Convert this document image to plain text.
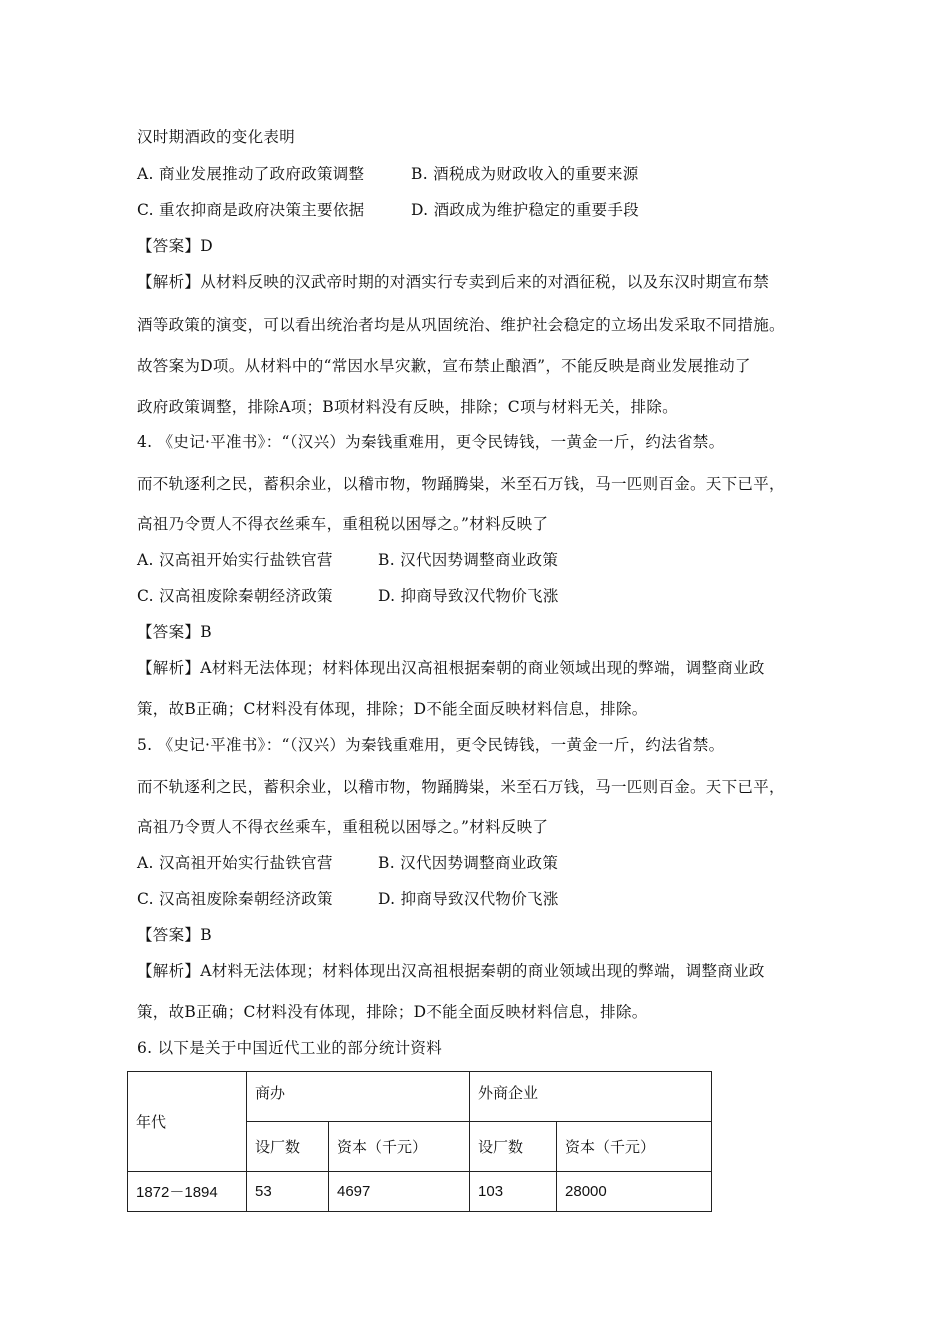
汉时期酒政的变化表明
A. 商业发展推动了政府政策调整	B. 酒税成为财政收入的重要来源
C. 重农抑商是政府决策主要依据	D. 酒政成为维护稳定的重要手段
【答案】D
【解析】从材料反映的汉武帝时期的对酒实行专卖到后来的对酒征税，以及东汉时期宣布禁
酒等政策的演变，可以看出统治者均是从巩固统治、维护社会稳定的立场出发采取不同措施。
故答案为D项。从材料中的“常因水旱灾歉，宣布禁止酿酒”，不能反映是商业发展推动了
政府政策调整，排除A项；B项材料没有反映，排除；C项与材料无关，排除。
4. 《史记·平准书》：“（汉兴）为秦钱重难用，更令民铸钱，一黄金一斤，约法省禁。
而不轨逐利之民，蓄积余业，以稽市物，物踊腾粜，米至石万钱，马一匹则百金。天下已平，
高祖乃令贾人不得衣丝乘车，重租税以困辱之。”材料反映了
A. 汉高祖开始实行盐铁官营	B. 汉代因势调整商业政策
C. 汉高祖废除秦朝经济政策	D. 抑商导致汉代物价飞涨
【答案】B
【解析】A材料无法体现；材料体现出汉高祖根据秦朝的商业领域出现的弊端，调整商业政
策，故B正确；C材料没有体现，排除；D不能全面反映材料信息，排除。
5. 《史记·平准书》：“（汉兴）为秦钱重难用，更令民铸钱，一黄金一斤，约法省禁。
而不轨逐利之民，蓄积余业，以稽市物，物踊腾粜，米至石万钱，马一匹则百金。天下已平，
高祖乃令贾人不得衣丝乘车，重租税以困辱之。”材料反映了
A. 汉高祖开始实行盐铁官营	B. 汉代因势调整商业政策
C. 汉高祖废除秦朝经济政策	D. 抑商导致汉代物价飞涨
【答案】B
【解析】A材料无法体现；材料体现出汉高祖根据秦朝的商业领域出现的弊端，调整商业政
策，故B正确；C材料没有体现，排除；D不能全面反映材料信息，排除。
6. 以下是关于中国近代工业的部分统计资料
年代	商办		外商企业	
	设厂数	资本（千元）	设厂数	资本（千元）
1872－1894	53	4697	103	28000
